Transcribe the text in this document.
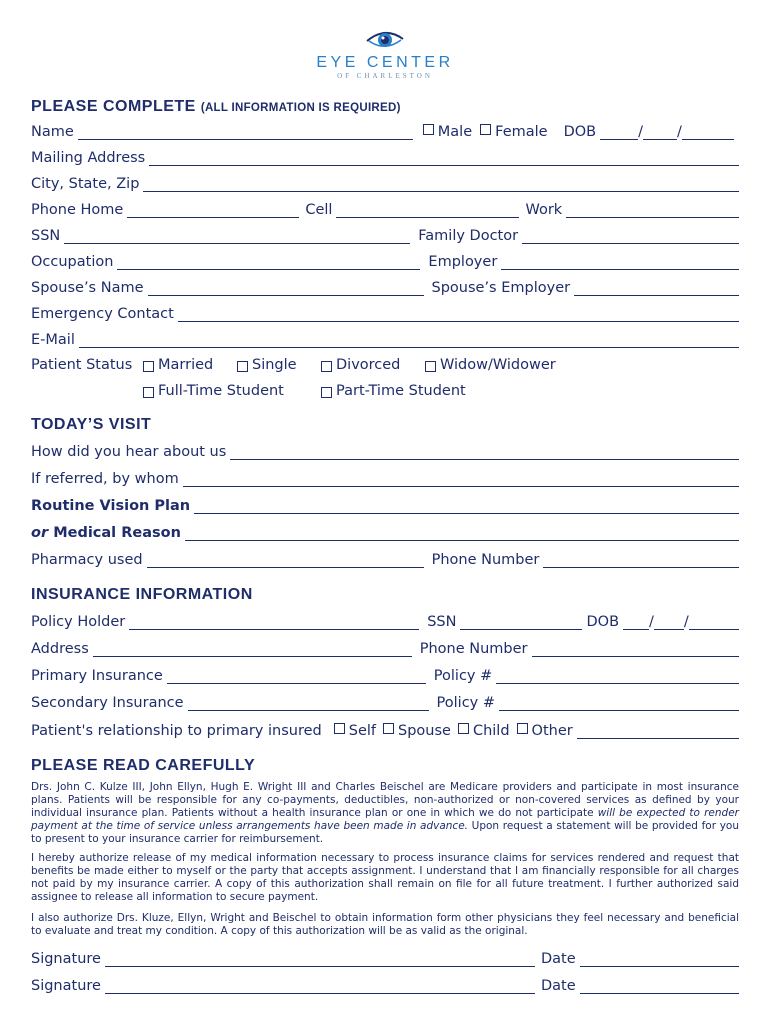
EYE CENTER
OF CHARLESTON
PLEASE COMPLETE (ALL INFORMATION IS REQUIRED)
Name	Male	Female DOB	/ /
Mailing Address
City, State, Zip
Phone Home	Cell	Work
SSN	Family Doctor
Occupation	Employer
Spouse’s Name	Spouse’s Employer
Emergency Contact
E-Mail
Patient Status Married	Single	Divorced	Widow/Widower
Full-Time Student	Part-Time Student
TODAY’S VISIT
How did you hear about us
If referred, by whom
Routine Vision Plan
or Medical Reason
Pharmacy used	Phone Number
INSURANCE INFORMATION
Policy Holder	SSN	DOB / /
Address	Phone Number
Primary Insurance	Policy #
Secondary Insurance	Policy #
Patient's relationship to primary insured	Self	Spouse	Child	Other
PLEASE READ CAREFULLY
Drs. John C. Kulze III, John Ellyn, Hugh E. Wright III and Charles Beischel are Medicare providers and participate in most insurance plans. Patients will be responsible for any co-payments, deductibles, non-authorized or non-covered services as defined by your individual insurance plan. Patients without a health insurance plan or one in which we do not participate will be expected to render payment at the time of service unless arrangements have been made in advance. Upon request a statement will be provided for you to present to your insurance carrier for reimbursement.
I hereby authorize release of my medical information necessary to process insurance claims for services rendered and request that benefits be made either to myself or the party that accepts assignment. I understand that I am financially responsible for all charges not paid by my insurance carrier. A copy of this authorization shall remain on file for all future treatment. I further authorized said assignee to release all information to secure payment.
I also authorize Drs. Kluze, Ellyn, Wright and Beischel to obtain information form other physicians they feel necessary and beneficial to evaluate and treat my condition. A copy of this authorization will be as valid as the original.
Signature	Date
Signature	Date
